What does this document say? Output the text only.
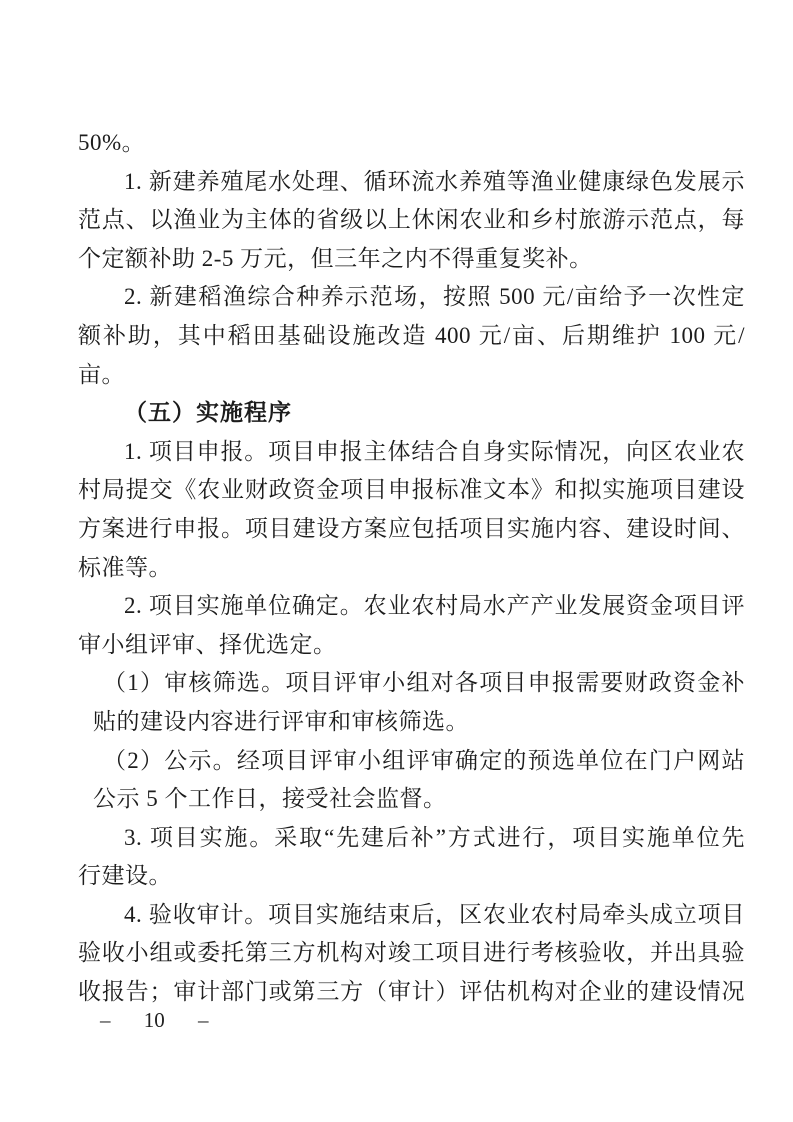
50%。
1. 新建养殖尾水处理、循环流水养殖等渔业健康绿色发展示
范点、以渔业为主体的省级以上休闲农业和乡村旅游示范点，每
个定额补助 2-5 万元，但三年之内不得重复奖补。
2. 新建稻渔综合种养示范场，按照 500 元/亩给予一次性定
额补助，其中稻田基础设施改造 400 元/亩、后期维护 100 元/
亩。
（五）实施程序
1. 项目申报。项目申报主体结合自身实际情况，向区农业农
村局提交《农业财政资金项目申报标准文本》和拟实施项目建设
方案进行申报。项目建设方案应包括项目实施内容、建设时间、
标准等。
2. 项目实施单位确定。农业农村局水产产业发展资金项目评
审小组评审、择优选定。
（1）审核筛选。项目评审小组对各项目申报需要财政资金补
贴的建设内容进行评审和审核筛选。
（2）公示。经项目评审小组评审确定的预选单位在门户网站
公示 5 个工作日，接受社会监督。
3. 项目实施。采取“先建后补”方式进行，项目实施单位先
行建设。
4. 验收审计。项目实施结束后，区农业农村局牵头成立项目
验收小组或委托第三方机构对竣工项目进行考核验收，并出具验
收报告；审计部门或第三方（审计）评估机构对企业的建设情况
– 10 –
